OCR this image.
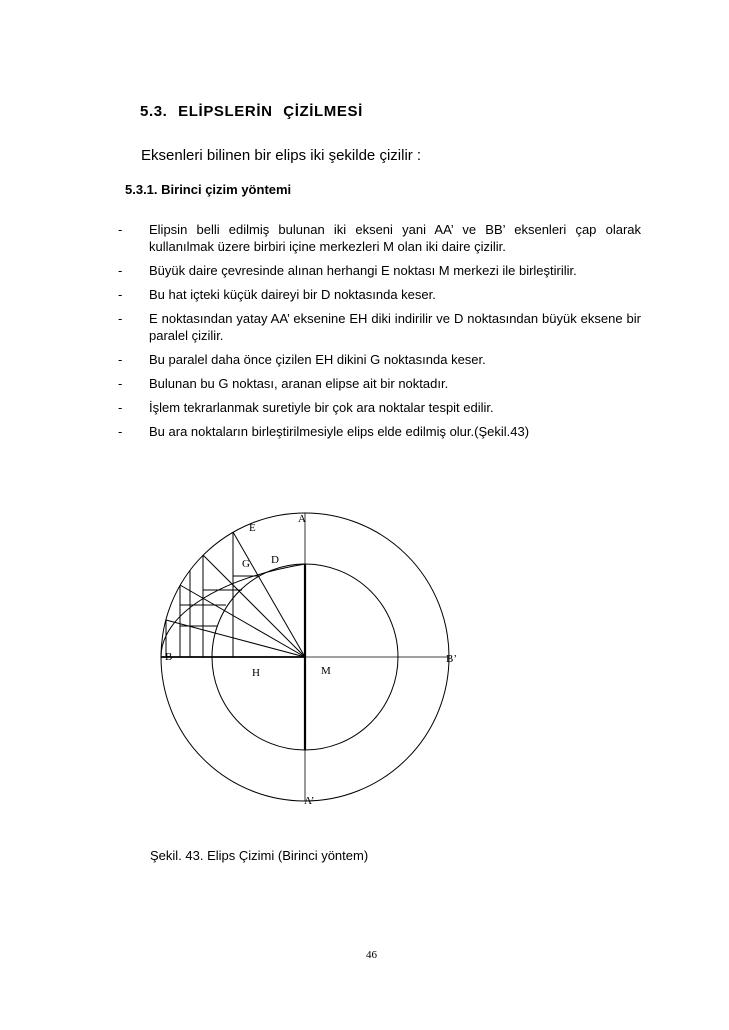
5.3. ELİPSLERİN ÇİZİLMESİ
Eksenleri bilinen bir elips iki şekilde çizilir :
5.3.1. Birinci çizim yöntemi
- Elipsin belli edilmiş bulunan iki ekseni yani AA’ ve BB’ eksenleri çap olarak kullanılmak üzere birbiri içine merkezleri M olan iki daire çizilir.
- Büyük daire çevresinde alınan herhangi E noktası M merkezi ile birleştirilir.
- Bu hat içteki küçük daireyi bir D noktasında keser.
- E noktasından yatay AA’ eksenine EH diki indirilir ve D noktasından büyük eksene bir paralel çizilir.
- Bu paralel daha önce çizilen EH dikini G noktasında keser.
- Bulunan bu G noktası, aranan elipse ait bir noktadır.
- İşlem tekrarlanmak suretiyle bir çok ara noktalar tespit edilir.
- Bu ara noktaların birleştirilmesiyle elips elde edilmiş olur.(Şekil.43)
A
E
D
G
B	B’
H	M
A’
Şekil. 43. Elips Çizimi (Birinci yöntem)
46
